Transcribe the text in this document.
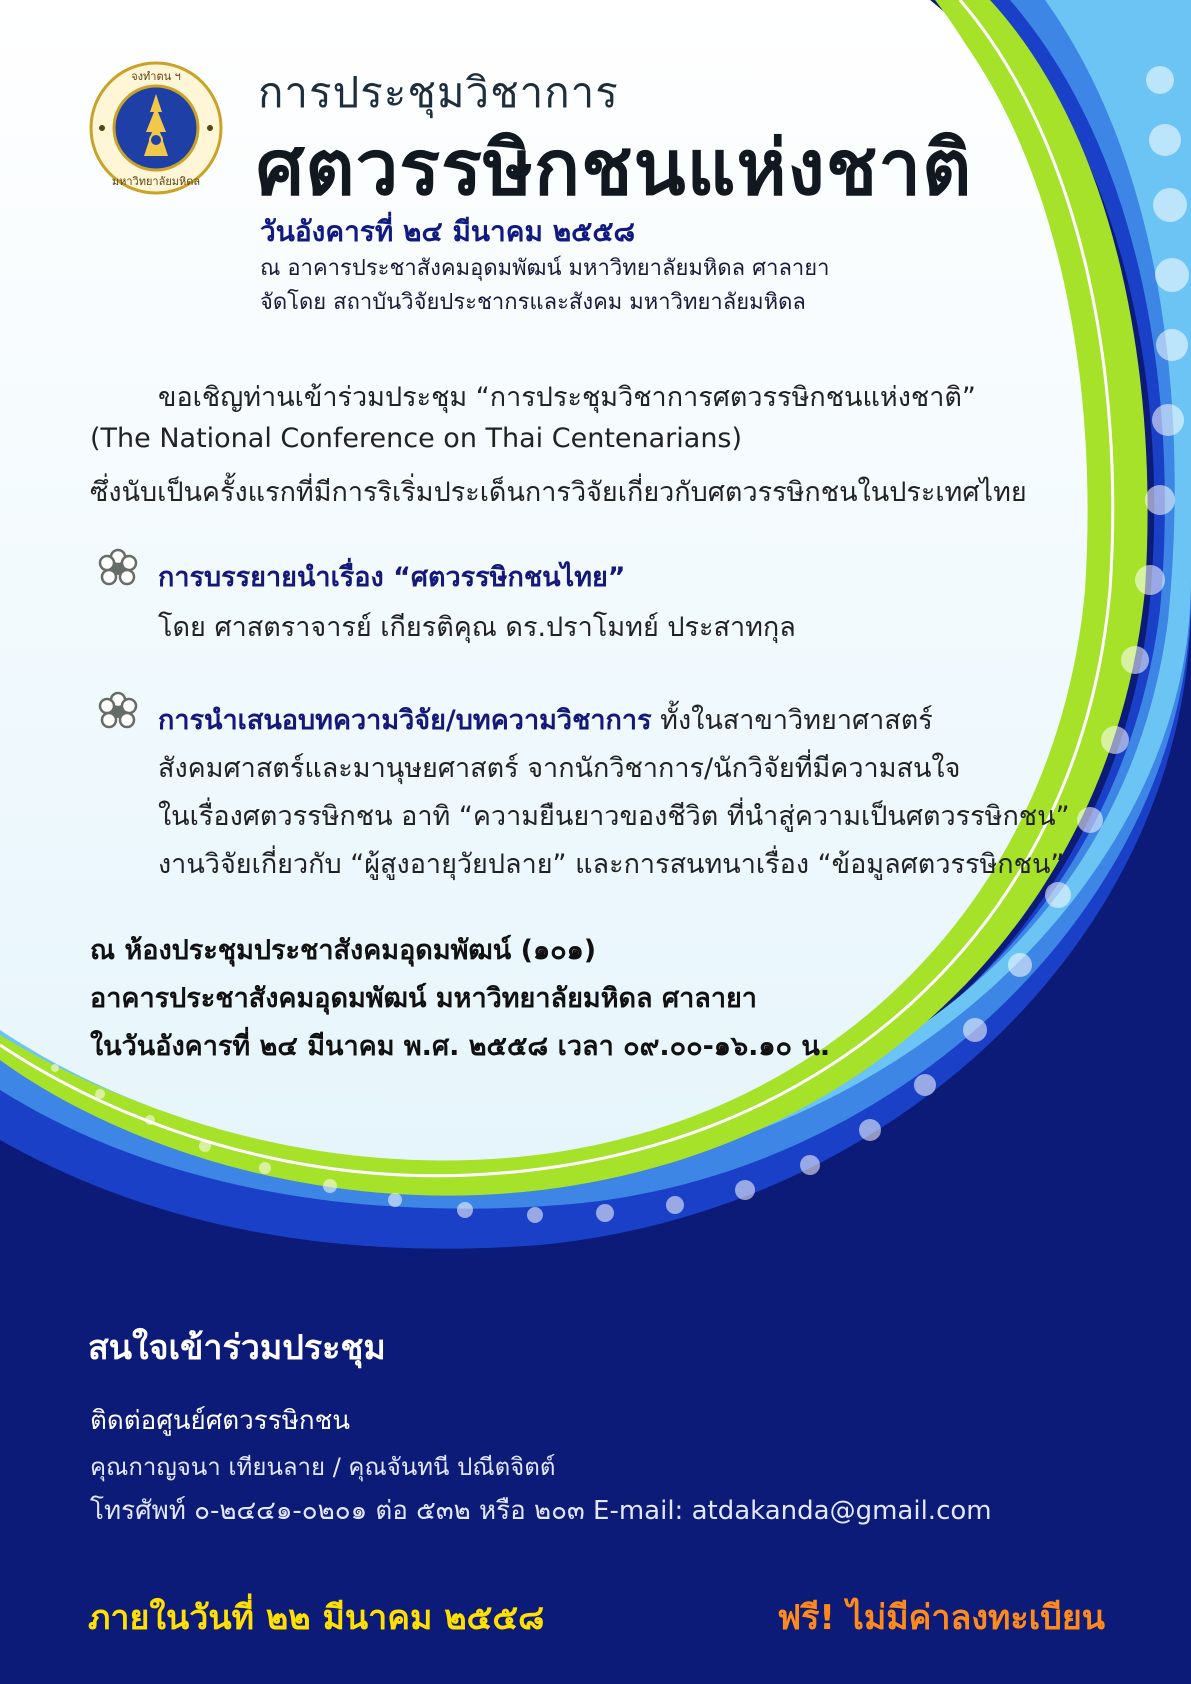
จงทำตน ฯ
มหาวิทยาลัยมหิดล
การประชุมวิชาการ
ศตวรรษิกชนแห่งชาติ
วันอังคารที่ ๒๔ มีนาคม ๒๕๕๘
ณ อาคารประชาสังคมอุดมพัฒน์ มหาวิทยาลัยมหิดล ศาลายา
จัดโดย สถาบันวิจัยประชากรและสังคม มหาวิทยาลัยมหิดล
ขอเชิญท่านเข้าร่วมประชุม “การประชุมวิชาการศตวรรษิกชนแห่งชาติ”
(The National Conference on Thai Centenarians)
ซึ่งนับเป็นครั้งแรกที่มีการริเริ่มประเด็นการวิจัยเกี่ยวกับศตวรรษิกชนในประเทศไทย
การบรรยายนำเรื่อง “ศตวรรษิกชนไทย”
โดย ศาสตราจารย์ เกียรติคุณ ดร.ปราโมทย์ ประสาทกุล
การนำเสนอบทความวิจัย/บทความวิชาการ ทั้งในสาขาวิทยาศาสตร์
สังคมศาสตร์และมานุษยศาสตร์ จากนักวิชาการ/นักวิจัยที่มีความสนใจ
ในเรื่องศตวรรษิกชน อาทิ “ความยืนยาวของชีวิต ที่นำสู่ความเป็นศตวรรษิกชน”
งานวิจัยเกี่ยวกับ “ผู้สูงอายุวัยปลาย” และการสนทนาเรื่อง “ข้อมูลศตวรรษิกชน”
ณ ห้องประชุมประชาสังคมอุดมพัฒน์ (๑๐๑)
อาคารประชาสังคมอุดมพัฒน์ มหาวิทยาลัยมหิดล ศาลายา
ในวันอังคารที่ ๒๔ มีนาคม พ.ศ. ๒๕๕๘ เวลา ๐๙.๐๐-๑๖.๑๐ น.
สนใจเข้าร่วมประชุม
ติดต่อศูนย์ศตวรรษิกชน
คุณกาญจนา เทียนลาย / คุณจันทนี ปณีตจิตต์
โทรศัพท์ ๐-๒๔๔๑-๐๒๐๑ ต่อ ๕๓๒ หรือ ๒๐๓ E-mail: atdakanda@gmail.com
ภายในวันที่ ๒๒ มีนาคม ๒๕๕๘	ฟรี! ไม่มีค่าลงทะเบียน
